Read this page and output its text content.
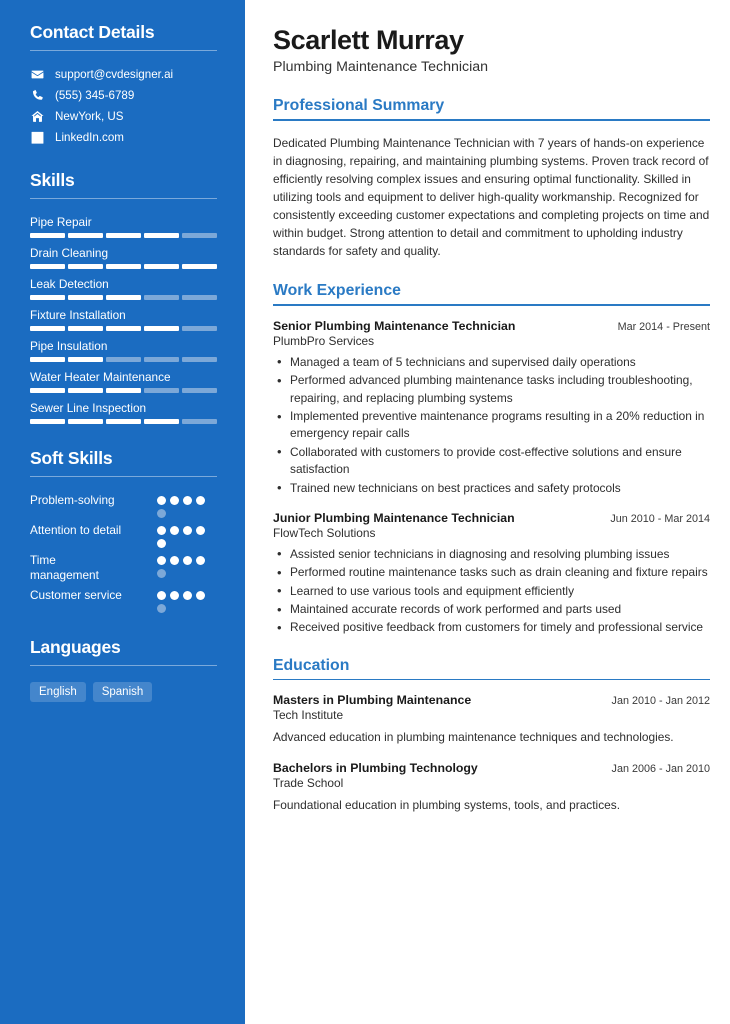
Contact Details
support@cvdesigner.ai
(555) 345-6789
NewYork, US
LinkedIn.com
Skills
Pipe Repair
Drain Cleaning
Leak Detection
Fixture Installation
Pipe Insulation
Water Heater Maintenance
Sewer Line Inspection
Soft Skills
Problem-solving
Attention to detail
Time management
Customer service
Languages
English	Spanish
Scarlett Murray
Plumbing Maintenance Technician
Professional Summary

Dedicated Plumbing Maintenance Technician with 7 years of hands-on experience in diagnosing, repairing, and maintaining plumbing systems. Proven track record of efficiently resolving complex issues and ensuring optimal functionality. Skilled in utilizing tools and equipment to deliver high-quality workmanship. Recognized for consistently exceeding customer expectations and completing projects on time and within budget. Strong attention to detail and commitment to upholding industry standards for safety and quality.

Work Experience
Senior Plumbing Maintenance Technician	Mar 2014 - Present
PlumbPro Services
• Managed a team of 5 technicians and supervised daily operations
• Performed advanced plumbing maintenance tasks including troubleshooting, repairing, and replacing plumbing systems
• Implemented preventive maintenance programs resulting in a 20% reduction in emergency repair calls
• Collaborated with customers to provide cost-effective solutions and ensure satisfaction
• Trained new technicians on best practices and safety protocols
Junior Plumbing Maintenance Technician	Jun 2010 - Mar 2014
FlowTech Solutions
• Assisted senior technicians in diagnosing and resolving plumbing issues
• Performed routine maintenance tasks such as drain cleaning and fixture repairs
• Learned to use various tools and equipment efficiently
• Maintained accurate records of work performed and parts used
• Received positive feedback from customers for timely and professional service
Education
Masters in Plumbing Maintenance	Jan 2010 - Jan 2012
Tech Institute
Advanced education in plumbing maintenance techniques and technologies.
Bachelors in Plumbing Technology	Jan 2006 - Jan 2010
Trade School
Foundational education in plumbing systems, tools, and practices.
